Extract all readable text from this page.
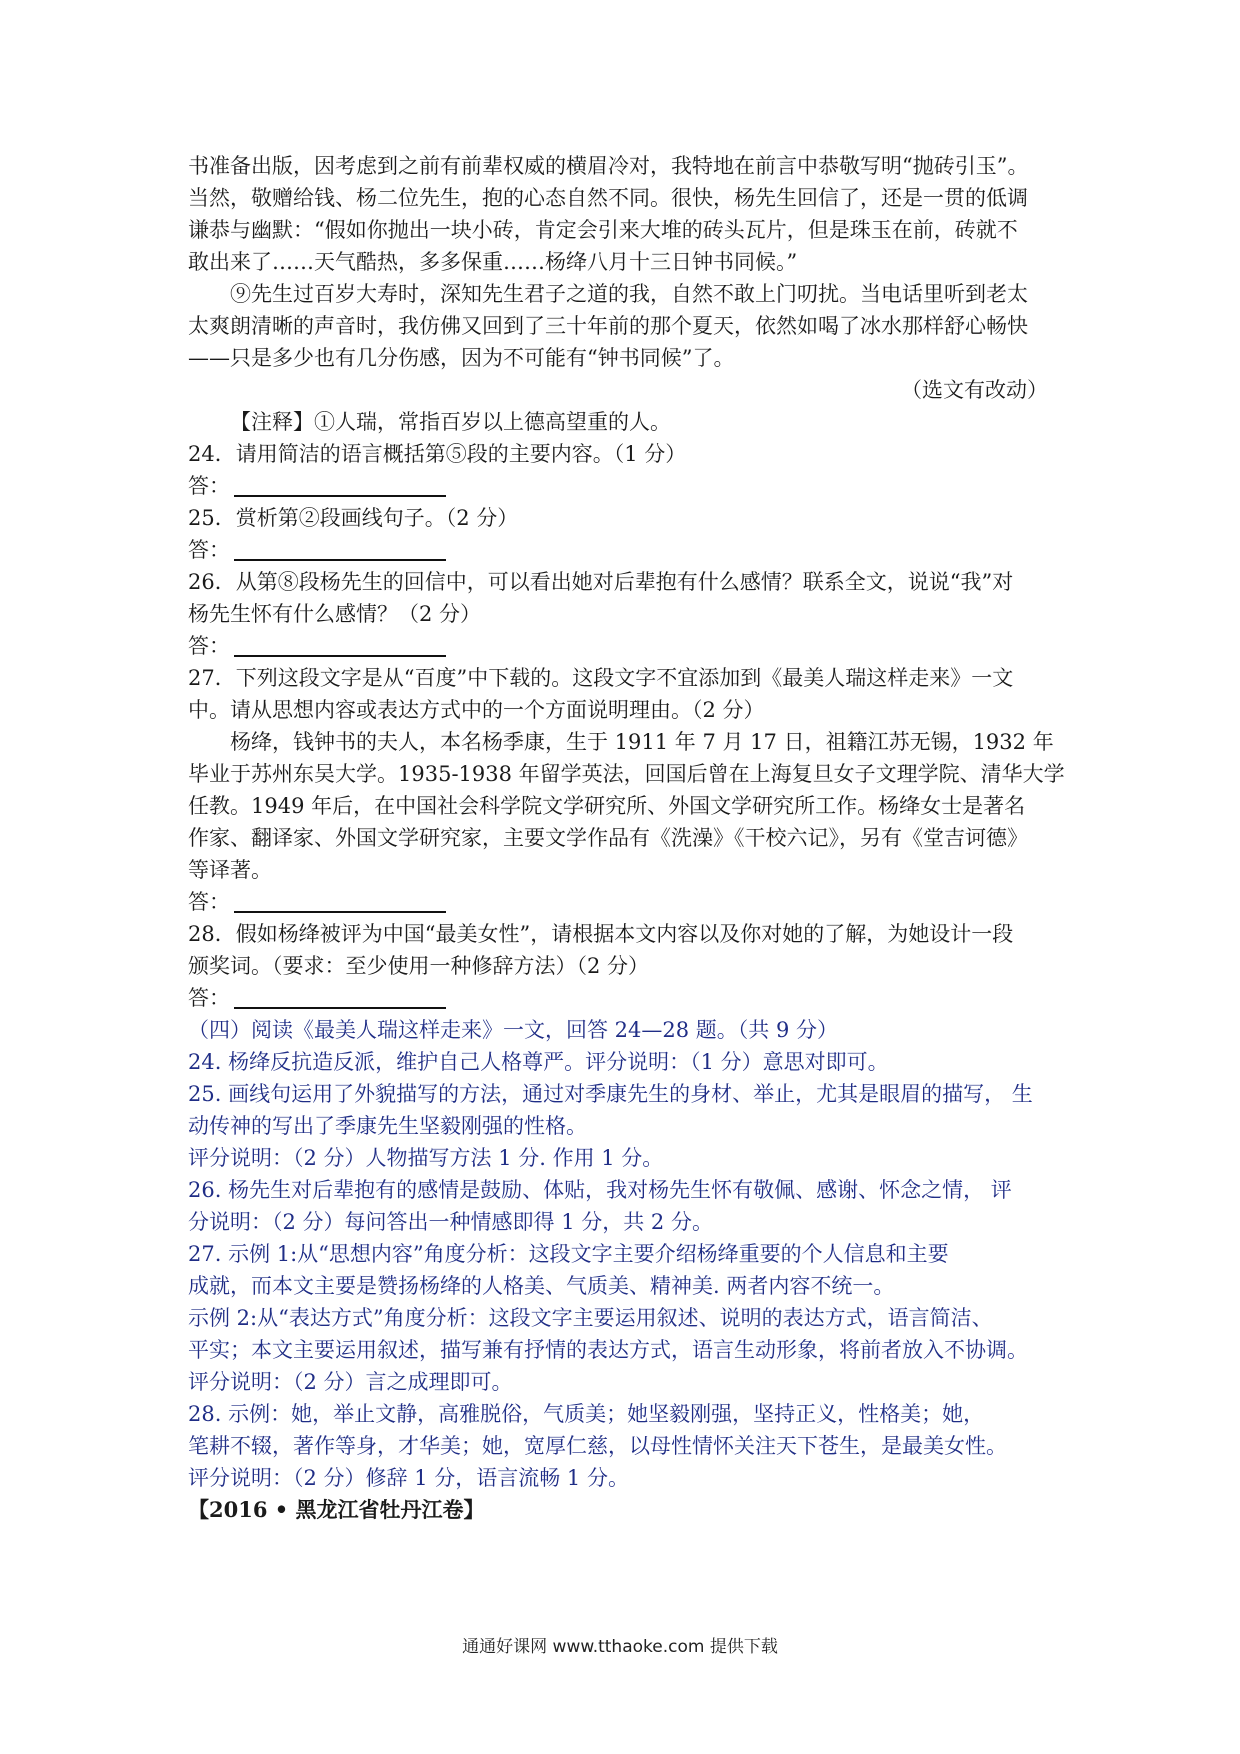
书准备出版，因考虑到之前有前辈权威的横眉冷对，我特地在前言中恭敬写明“抛砖引玉”。
当然，敬赠给钱、杨二位先生，抱的心态自然不同。很快，杨先生回信了，还是一贯的低调
谦恭与幽默：“假如你抛出一块小砖，肯定会引来大堆的砖头瓦片，但是珠玉在前，砖就不
敢出来了……天气酷热，多多保重……杨绛八月十三日钟书同候。”
⑨先生过百岁大寿时，深知先生君子之道的我，自然不敢上门叨扰。当电话里听到老太
太爽朗清晰的声音时，我仿佛又回到了三十年前的那个夏天，依然如喝了冰水那样舒心畅快
——只是多少也有几分伤感，因为不可能有“钟书同候”了。
（选文有改动）
【注释】①人瑞，常指百岁以上德高望重的人。
24．请用简洁的语言概括第⑤段的主要内容。（1 分）
答：
25．赏析第②段画线句子。（2 分）
答：
26．从第⑧段杨先生的回信中，可以看出她对后辈抱有什么感情？联系全文，说说“我”对
杨先生怀有什么感情？（2 分）
答：
27．下列这段文字是从“百度”中下载的。这段文字不宜添加到《最美人瑞这样走来》一文
中。请从思想内容或表达方式中的一个方面说明理由。（2 分）
杨绛，钱钟书的夫人，本名杨季康，生于 1911 年 7 月 17 日，祖籍江苏无锡，1932 年
毕业于苏州东吴大学。1935-1938 年留学英法，回国后曾在上海复旦女子文理学院、清华大学
任教。1949 年后，在中国社会科学院文学研究所、外国文学研究所工作。杨绛女士是著名
作家、翻译家、外国文学研究家，主要文学作品有《洗澡》《干校六记》，另有《堂吉诃德》
等译著。
答：
28．假如杨绛被评为中国“最美女性”，请根据本文内容以及你对她的了解，为她设计一段
颁奖词。（要求：至少使用一种修辞方法）（2 分）
答：
（四）阅读《最美人瑞这样走来》一文，回答 24—28 题。（共 9 分）
24. 杨绛反抗造反派，维护自己人格尊严。评分说明：（1 分）意思对即可。
25. 画线句运用了外貌描写的方法，通过对季康先生的身材、举止，尤其是眼眉的描写， 生
动传神的写出了季康先生坚毅刚强的性格。
评分说明：（2 分）人物描写方法 1 分. 作用 1 分。
26. 杨先生对后辈抱有的感情是鼓励、体贴，我对杨先生怀有敬佩、感谢、怀念之情， 评
分说明：（2 分）每问答出一种情感即得 1 分，共 2 分。
27. 示例 1:从“思想内容”角度分析：这段文字主要介绍杨绛重要的个人信息和主要
成就，而本文主要是赞扬杨绛的人格美、气质美、精神美. 两者内容不统一。
示例 2:从“表达方式”角度分析：这段文字主要运用叙述、说明的表达方式，语言简洁、
平实；本文主要运用叙述，描写兼有抒情的表达方式，语言生动形象，将前者放入不协调。
评分说明：（2 分）言之成理即可。
28. 示例：她，举止文静，高雅脱俗，气质美；她坚毅刚强，坚持正义，性格美；她，
笔耕不辍，著作等身，才华美；她，宽厚仁慈，以母性情怀关注天下苍生，是最美女性。
评分说明：（2 分）修辞 1 分，语言流畅 1 分。
【2016 • 黑龙江省牡丹江卷】
通通好课网 www.tthaoke.com 提供下载
